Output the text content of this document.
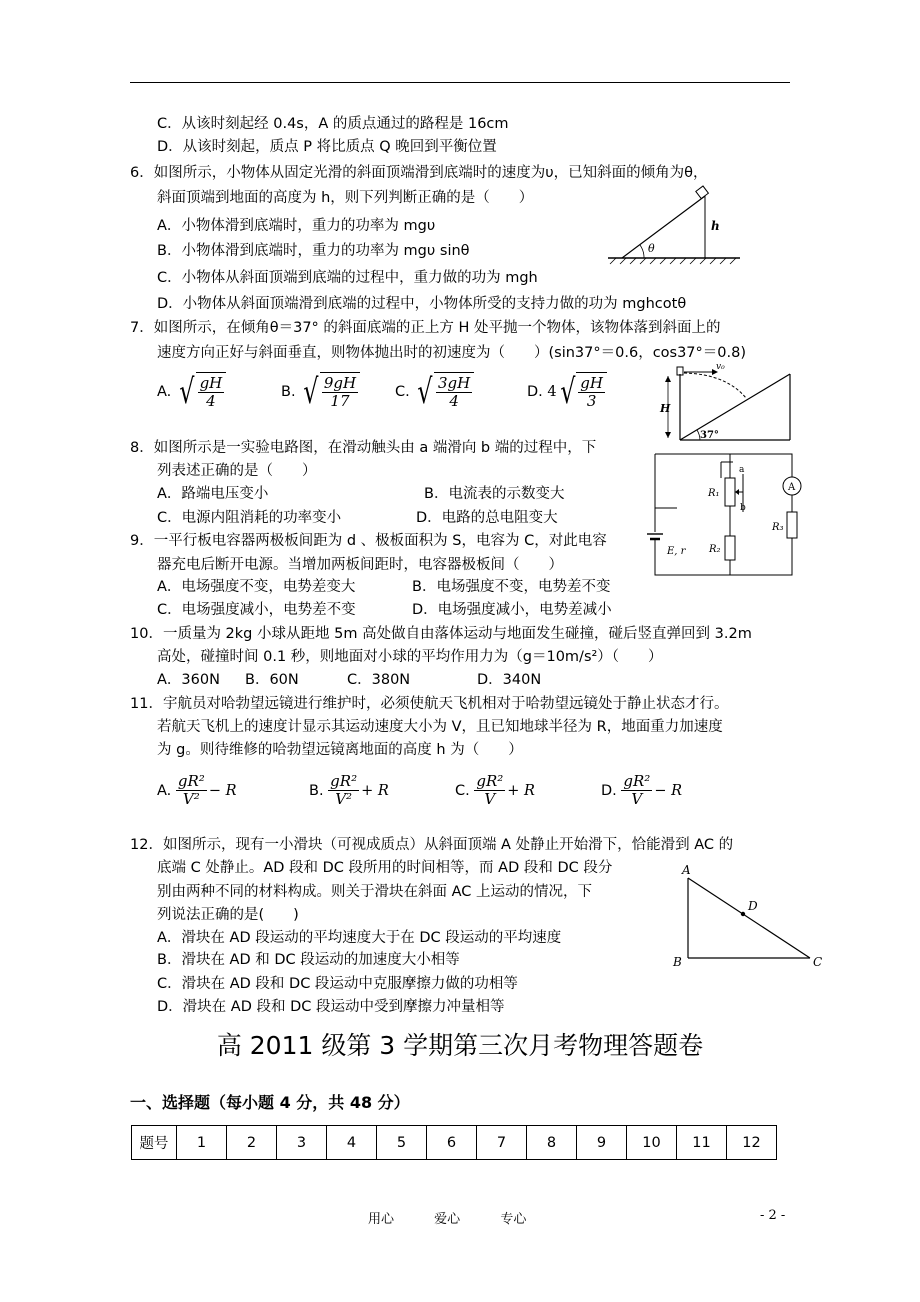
C．从该时刻起经 0.4s，A 的质点通过的路程是 16cm
D．从该时刻起，质点 P 将比质点 Q 晚回到平衡位置
6．如图所示，小物体从固定光滑的斜面顶端滑到底端时的速度为υ，已知斜面的倾角为θ，
斜面顶端到地面的高度为 h，则下列判断正确的是（　　）
A．小物体滑到底端时，重力的功率为 mgυ
B．小物体滑到底端时，重力的功率为 mgυ sinθ
C．小物体从斜面顶端到底端的过程中，重力做的功为 mgh
D．小物体从斜面顶端滑到底端的过程中，小物体所受的支持力做的功为 mghcotθ
θ
h
7．如图所示，在倾角θ＝37° 的斜面底端的正上方 H 处平抛一个物体，该物体落到斜面上的
速度方向正好与斜面垂直，则物体抛出时的初速度为（　　）(sin37°＝0.6，cos37°＝0.8)
A.
√ $\frac{gH}{4}$	B.
√ $\frac{9gH}{17}$	C.
√ $\frac{3gH}{4}$	D.
4 √ $\frac{gH}{3}$
v₀
H
37°
8．如图所示是一实验电路图，在滑动触头由 a 端滑向 b 端的过程中，下
列表述正确的是（　　）
A．路端电压变小	B．电流表的示数变大
C．电源内阻消耗的功率变小	D．电路的总电阻变大
a
b
R₁
R₂
A
R₃
E, r
9．一平行板电容器两极板间距为 d 、极板面积为 S，电容为 C，对此电容
器充电后断开电源。当增加两板间距时，电容器极板间（　　）
A．电场强度不变，电势差变大	B．电场强度不变，电势差不变
C．电场强度减小，电势差不变	D．电场强度减小，电势差减小
10．一质量为 2kg 小球从距地 5m 高处做自由落体运动与地面发生碰撞，碰后竖直弹回到 3.2m
高处，碰撞时间 0.1 秒，则地面对小球的平均作用力为（g＝10m/s²）（　　）
A．360N B．60N	C．380N	D．340N
11．宇航员对哈勃望远镜进行维护时，必须使航天飞机相对于哈勃望远镜处于静止状态才行。
若航天飞机上的速度计显示其运动速度大小为 V，且已知地球半径为 R，地面重力加速度
为 g。则待维修的哈勃望远镜离地面的高度 h 为（　　）
A.
$\frac{\text{gR²}}{\text{V²}} - R$	B.
$\frac{\text{gR²}}{\text{V²}} + R$	C.
$\frac{\text{gR²}}{V} + R$	D.
$\frac{\text{gR²}}{V} - R$
12．如图所示，现有一小滑块（可视成质点）从斜面顶端 A 处静止开始滑下，恰能滑到 AC 的
底端 C 处静止。AD 段和 DC 段所用的时间相等，而 AD 段和 DC 段分
别由两种不同的材料构成。则关于滑块在斜面 AC 上运动的情况，下
列说法正确的是(　　)
A．滑块在 AD 段运动的平均速度大于在 DC 段运动的平均速度
B．滑块在 AD 和 DC 段运动的加速度大小相等
C．滑块在 AD 段和 DC 段运动中克服摩擦力做的功相等
D．滑块在 AD 段和 DC 段运动中受到摩擦力冲量相等
A
B	C
D
高 2011 级第 3 学期第三次月考物理答题卷
一、选择题（每小题 4 分，共 48 分）
题号	1	2	3	4	5	6	7	8	9	10	11	12
用心	爱心	专心	- 2 -
